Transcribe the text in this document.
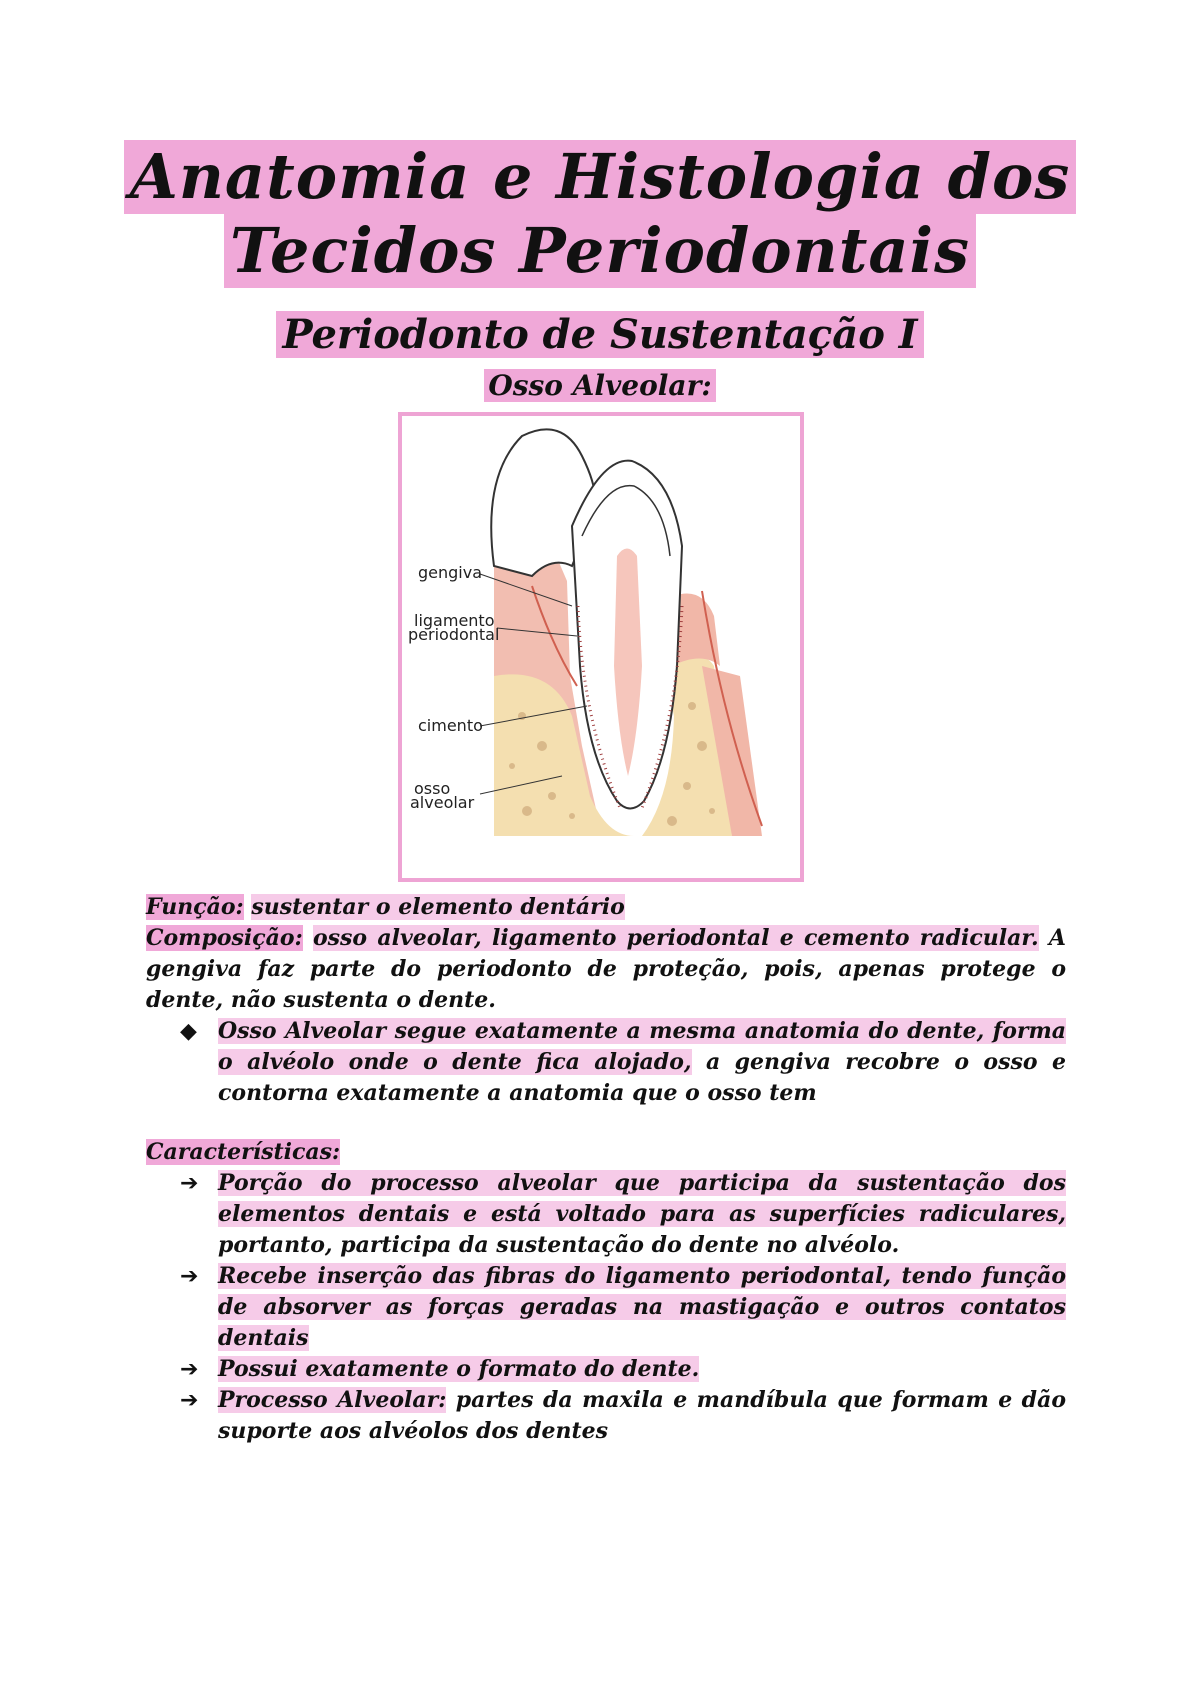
Anatomia e Histologia dos
Tecidos Periodontais
Periodonto de Sustentação I
Osso Alveolar:
gengiva
ligamento
periodontal
cimento
osso
alveolar
Função: sustentar o elemento dentário
Composição: osso alveolar, ligamento periodontal e cemento radicular. A gengiva faz parte do periodonto de proteção, pois, apenas protege o dente, não sustenta o dente.
◆ Osso Alveolar segue exatamente a mesma anatomia do dente, forma o alvéolo onde o dente fica alojado, a gengiva recobre o osso e contorna exatamente a anatomia que o osso tem
Características:
➔ Porção do processo alveolar que participa da sustentação dos elementos dentais e está voltado para as superfícies radiculares, portanto, participa da sustentação do dente no alvéolo.
➔ Recebe inserção das fibras do ligamento periodontal, tendo função de absorver as forças geradas na mastigação e outros contatos dentais
➔ Possui exatamente o formato do dente.
➔ Processo Alveolar: partes da maxila e mandíbula que formam e dão suporte aos alvéolos dos dentes
